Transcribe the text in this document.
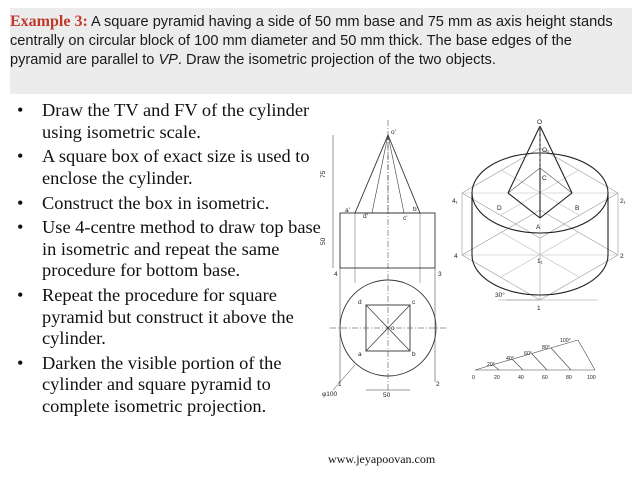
Example 3: A square pyramid having a side of 50 mm base and 75 mm as axis height stands centrally on circular block of 100 mm diameter and 50 mm thick. The base edges of the pyramid are parallel to VP. Draw the isometric projection of the two objects.
• Draw the TV and FV of the cylinder using isometric scale.
• A square box of exact size is used to enclose the cylinder.
• Construct the box in isometric.
• Use 4-centre method to draw top base in isometric and repeat the same procedure for bottom base.
• Repeat the procedure for square pyramid but construct it above the cylinder.
• Darken the visible portion of the cylinder and square pyramid to complete isometric projection.
o'
a'
d'
b'
c'
75
50
4	3
d	c
o
a	b
1	2
φ100	50
O
O₁
C
D	B
A
4₁
4
2₁
2
1₁
1
30°
0	20	40	60	80	100
20°
40°
60°
80°
100°
www.jeyapoovan.com
